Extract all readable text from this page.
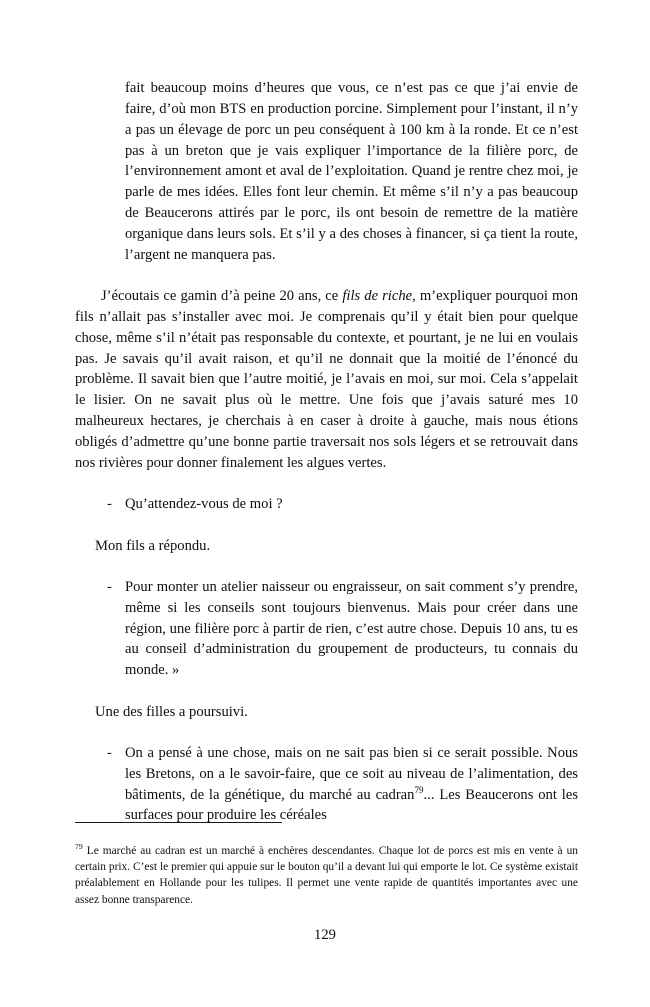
fait beaucoup moins d’heures que vous, ce n’est pas ce que j’ai envie de faire, d’où mon BTS en production porcine. Simplement pour l’instant, il n’y a pas un élevage de porc un peu conséquent à 100 km à la ronde. Et ce n’est pas à un breton que je vais expliquer l’importance de la filière porc, de l’environnement amont et aval de l’exploitation. Quand je rentre chez moi, je parle de mes idées. Elles font leur chemin. Et même s’il n’y a pas beaucoup de Beaucerons attirés par le porc, ils ont besoin de remettre de la matière organique dans leurs sols. Et s’il y a des choses à financer, si ça tient la route, l’argent ne manquera pas.

J’écoutais ce gamin d’à peine 20 ans, ce fils de riche, m’expliquer pourquoi mon fils n’allait pas s’installer avec moi. Je comprenais qu’il y était bien pour quelque chose, même s’il n’était pas responsable du contexte, et pourtant, je ne lui en voulais pas. Je savais qu’il avait raison, et qu’il ne donnait que la moitié de l’énoncé du problème. Il savait bien que l’autre moitié, je l’avais en moi, sur moi. Cela s’appelait le lisier. On ne savait plus où le mettre. Une fois que j’avais saturé mes 10 malheureux hectares, je cherchais à en caser à droite à gauche, mais nous étions obligés d’admettre qu’une bonne partie traversait nos sols légers et se retrouvait dans nos rivières pour donner finalement les algues vertes.

- Qu’attendez-vous de moi ?

Mon fils a répondu.

- Pour monter un atelier naisseur ou engraisseur, on sait comment s’y prendre, même si les conseils sont toujours bienvenus. Mais pour créer dans une région, une filière porc à partir de rien, c’est autre chose. Depuis 10 ans, tu es au conseil d’administration du groupement de producteurs, tu connais du monde. »

Une des filles a poursuivi.

- On a pensé à une chose, mais on ne sait pas bien si ce serait possible. Nous les Bretons, on a le savoir-faire, que ce soit au niveau de l’alimentation, des bâtiments, de la génétique, du marché au cadran$^{79}$... Les Beaucerons ont les surfaces pour produire les céréales

$^{79}$ Le marché au cadran est un marché à enchères descendantes. Chaque lot de porcs est mis en vente à un certain prix. C’est le premier qui appuie sur le bouton qu’il a devant lui qui emporte le lot. Ce système existait préalablement en Hollande pour les tulipes. Il permet une vente rapide de quantités importantes avec une assez bonne transparence.

129
